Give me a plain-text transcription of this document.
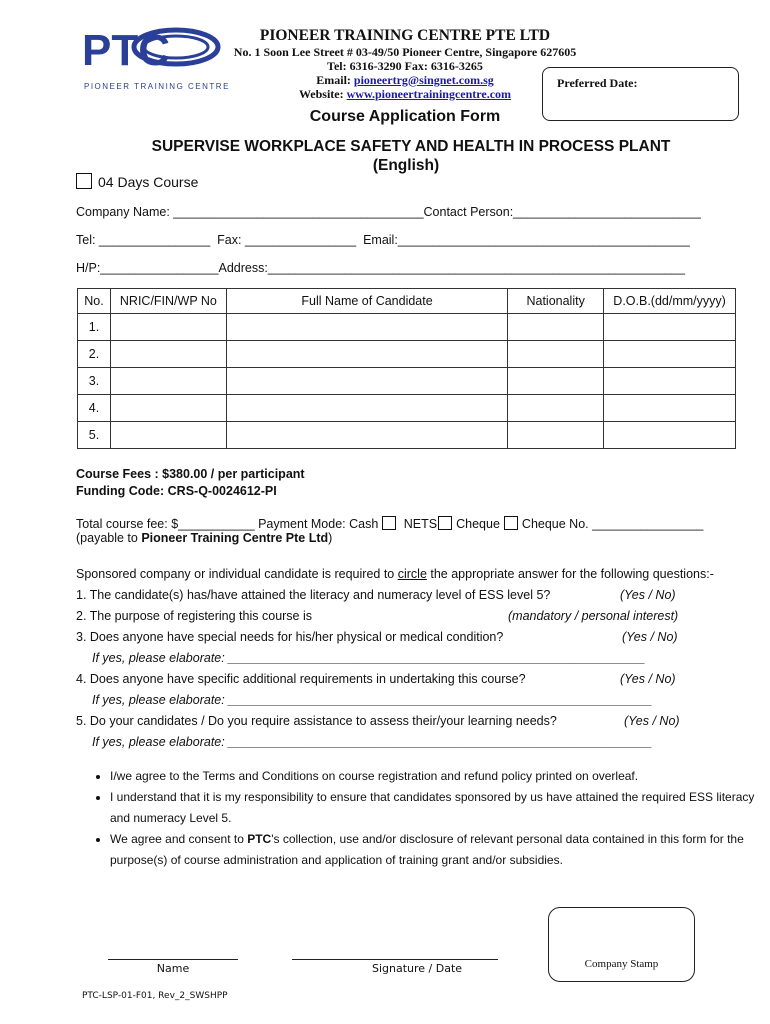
PTC
PIONEER TRAINING CENTRE
PIONEER TRAINING CENTRE PTE LTD
No. 1 Soon Lee Street # 03-49/50 Pioneer Centre, Singapore 627605
Tel: 6316-3290 Fax: 6316-3265
Email: pioneertrg@singnet.com.sg
Website: www.pioneertrainingcentre.com
Preferred Date:
Course Application Form
SUPERVISE WORKPLACE SAFETY AND HEALTH IN PROCESS PLANT
(English)
04 Days Course
Company Name: ____________________________________Contact Person:___________________________
Tel: ________________ Fax: ________________ Email:__________________________________________
H/P:_________________Address:____________________________________________________________
No.	NRIC/FIN/WP No	Full Name of Candidate	Nationality	D.O.B.(dd/mm/yyyy)
1.				
2.				
3.				
4.				
5.				
Course Fees : $380.00 / per participant
Funding Code: CRS-Q-0024612-PI
Total course fee: $___________ Payment Mode: Cash NETS Cheque Cheque No. ________________
(payable to Pioneer Training Centre Pte Ltd)
Sponsored company or individual candidate is required to circle the appropriate answer for the following questions:-
1. The candidate(s) has/have attained the literacy and numeracy level of ESS level 5?	(Yes / No)
2. The purpose of registering this course is	(mandatory / personal interest)
3. Does anyone have special needs for his/her physical or medical condition?	(Yes / No)
If yes, please elaborate: ____________________________________________________________
4. Does anyone have specific additional requirements in undertaking this course?	(Yes / No)
If yes, please elaborate: _____________________________________________________________
5. Do your candidates / Do you require assistance to assess their/your learning needs?	(Yes / No)
If yes, please elaborate: _____________________________________________________________
• I/we agree to the Terms and Conditions on course registration and refund policy printed on overleaf.
• I understand that it is my responsibility to ensure that candidates sponsored by us have attained the required ESS literacy and numeracy Level 5.
• We agree and consent to PTC's collection, use and/or disclosure of relevant personal data contained in this form for the purpose(s) of course administration and application of training grant and/or subsidies.
Name	Signature / Date	Company Stamp
PTC-LSP-01-F01, Rev_2_SWSHPP
